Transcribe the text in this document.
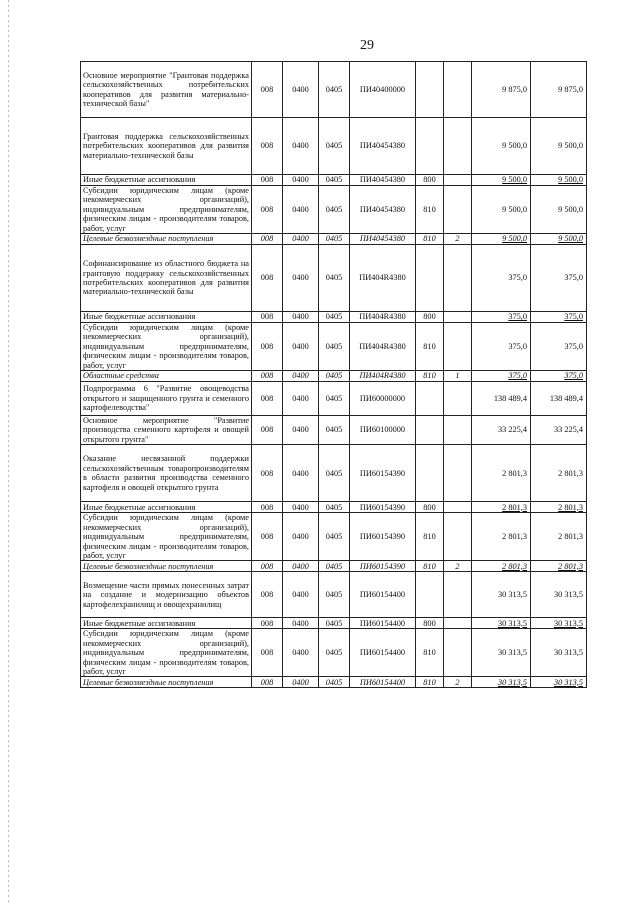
29
Основное мероприятие "Грантовая поддержка сельскохозяйственных потребительских кооперативов для развития материально-технической базы"	008	0400	0405	ПИ40400000			9 875,0	9 875,0
Грантовая поддержка сельскохозяйственных потребительских кооперативов для развития материально-технической базы	008	0400	0405	ПИ40454380			9 500,0	9 500,0
Иные бюджетные ассигнования	008	0400	0405	ПИ40454380	800		9 500,0	9 500,0
Субсидии юридическим лицам (кроме некоммерческих организаций), индивидуальным предпринимателям, физическим лицам - производителям товаров, работ, услуг	008	0400	0405	ПИ40454380	810		9 500,0	9 500,0
Целевые безвозмездные поступления	008	0400	0405	ПИ40454380	810	2	9 500,0	9 500,0
Софинансирование из областного бюджета на грантовую поддержку сельскохозяйственных потребительских кооперативов для развития материально-технической базы	008	0400	0405	ПИ404R4380			375,0	375,0
Иные бюджетные ассигнования	008	0400	0405	ПИ404R4380	800		375,0	375,0
Субсидии юридическим лицам (кроме некоммерческих организаций), индивидуальным предпринимателям, физическим лицам - производителям товаров, работ, услуг	008	0400	0405	ПИ404R4380	810		375,0	375,0
Областные средства	008	0400	0405	ПИ404R4380	810	1	375,0	375,0
Подпрограмма 6 "Развитие овощеводства открытого и защищенного грунта и семенного картофелеводства"	008	0400	0405	ПИ60000000			138 489,4	138 489,4
Основное мероприятие "Развитие производства семенного картофеля и овощей открытого грунта"	008	0400	0405	ПИ60100000			33 225,4	33 225,4
Оказание несвязанной поддержки сельскохозяйственным товаропроизводителям в области развития производства семенного картофеля и овощей открытого грунта	008	0400	0405	ПИ60154390			2 801,3	2 801,3
Иные бюджетные ассигнования	008	0400	0405	ПИ60154390	800		2 801,3	2 801,3
Субсидии юридическим лицам (кроме некоммерческих организаций), индивидуальным предпринимателям, физическим лицам - производителям товаров, работ, услуг	008	0400	0405	ПИ60154390	810		2 801,3	2 801,3
Целевые безвозмездные поступления	008	0400	0405	ПИ60154390	810	2	2 801,3	2 801,3
Возмещение части прямых понесенных затрат на создание и модернизацию объектов картофелехранилищ и овощехранилищ	008	0400	0405	ПИ60154400			30 313,5	30 313,5
Иные бюджетные ассигнования	008	0400	0405	ПИ60154400	800		30 313,5	30 313,5
Субсидии юридическим лицам (кроме некоммерческих организаций), индивидуальным предпринимателям, физическим лицам - производителям товаров, работ, услуг	008	0400	0405	ПИ60154400	810		30 313,5	30 313,5
Целевые безвозмездные поступления	008	0400	0405	ПИ60154400	810	2	30 313,5	30 313,5
